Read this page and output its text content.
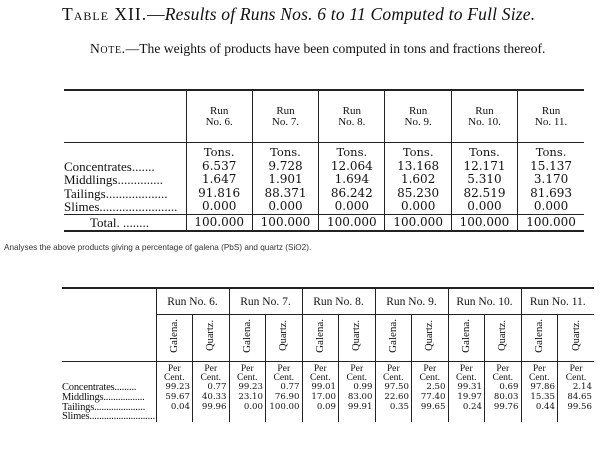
Table XII.—Results of Runs Nos. 6 to 11 Computed to Full Size.
Note.—The weights of products have been computed in tons and fractions thereof.
	Run
No. 6.	Run
No. 7.	Run
No. 8.	Run
No. 9.	Run
No. 10.	Run
No. 11.
	Tons.	Tons.	Tons.	Tons.	Tons.	Tons.
Concentrates.......	6.537	9.728	12.064	13.168	12.171	15.137
Middlings..............	1.647	1.901	1.694	1.602	5.310	3.170
Tailings...................	91.816	88.371	86.242	85.230	82.519	81.693
Slimes........................	0.000	0.000	0.000	0.000	0.000	0.000
Total. ........	100.000	100.000	100.000	100.000	100.000	100.000
Analyses the above products giving a percentage of galena (PbS) and quartz (SiO2).
	Run No. 6.		Run No. 7.		Run No. 8.		Run No. 9.		Run No. 10.		Run No. 11.	
	Galena.	Quartz.	Galena.	Quartz.	Galena.	Quartz.	Galena.	Quartz.	Galena.	Quartz.	Galena.	Quartz.
	Per
Cent.	Per
Cent.	Per
Cent.	Per
Cent.	Per
Cent.	Per
Cent.	Per
Cent.	Per
Cent.	Per
Cent.	Per
Cent.	Per
Cent.	Per
Cent.
Concentrates.........	99.23	0.77	99.23	0.77	99.01	0.99	97.50	2.50	99.31	0.69	97.86	2.14
Middlings.................	59.67	40.33	23.10	76.90	17.00	83.00	22.60	77.40	19.97	80.03	15.35	84.65
Tailings.....................	0.04	99.96	0.00	100.00	0.09	99.91	0.35	99.65	0.24	99.76	0.44	99.56
Slimes...........................												
